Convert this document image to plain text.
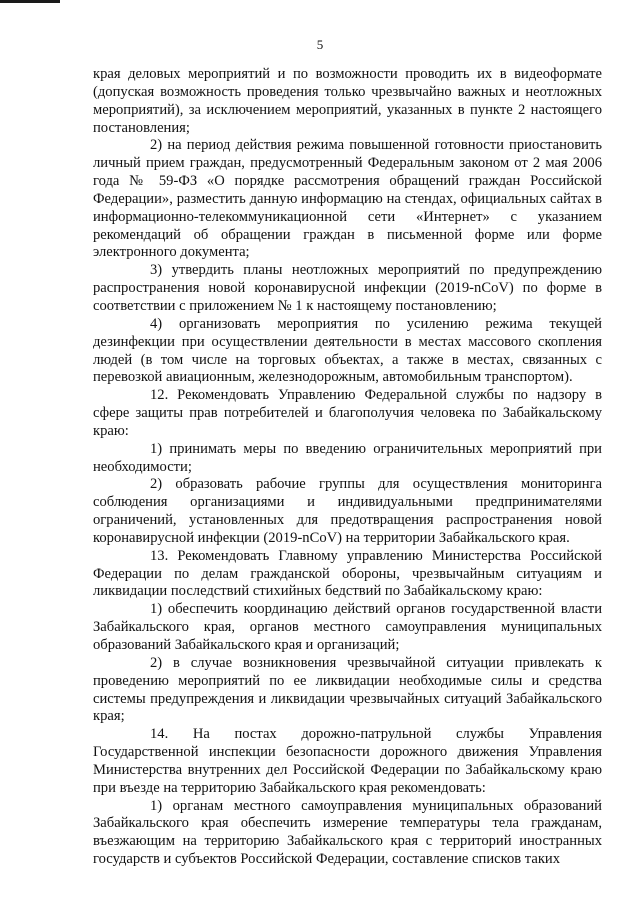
5

края деловых мероприятий и по возможности проводить их в видеоформате (допуская возможность проведения только чрезвычайно важных и неотложных мероприятий), за исключением мероприятий, указанных в пункте 2 настоящего постановления;

2) на период действия режима повышенной готовности приостановить личный прием граждан, предусмотренный Федеральным законом от 2 мая 2006 года № 59-ФЗ «О порядке рассмотрения обращений граждан Российской Федерации», разместить данную информацию на стендах, официальных сайтах в информационно-телекоммуникационной сети «Интернет» с указанием рекомендаций об обращении граждан в письменной форме или форме электронного документа;

3) утвердить планы неотложных мероприятий по предупреждению распространения новой коронавирусной инфекции (2019-nCoV) по форме в соответствии с приложением № 1 к настоящему постановлению;

4) организовать мероприятия по усилению режима текущей дезинфекции при осуществлении деятельности в местах массового скопления людей (в том числе на торговых объектах, а также в местах, связанных с перевозкой авиационным, железнодорожным, автомобильным транспортом).

12. Рекомендовать Управлению Федеральной службы по надзору в сфере защиты прав потребителей и благополучия человека по Забайкальскому краю:

1) принимать меры по введению ограничительных мероприятий при необходимости;

2) образовать рабочие группы для осуществления мониторинга соблюдения организациями и индивидуальными предпринимателями ограничений, установленных для предотвращения распространения новой коронавирусной инфекции (2019-nCoV) на территории Забайкальского края.

13. Рекомендовать Главному управлению Министерства Российской Федерации по делам гражданской обороны, чрезвычайным ситуациям и ликвидации последствий стихийных бедствий по Забайкальскому краю:

1) обеспечить координацию действий органов государственной власти Забайкальского края, органов местного самоуправления муниципальных образований Забайкальского края и организаций;

2) в случае возникновения чрезвычайной ситуации привлекать к проведению мероприятий по ее ликвидации необходимые силы и средства системы предупреждения и ликвидации чрезвычайных ситуаций Забайкальского края;

14. На постах дорожно-патрульной службы Управления Государственной инспекции безопасности дорожного движения Управления Министерства внутренних дел Российской Федерации по Забайкальскому краю при въезде на территорию Забайкальского края рекомендовать:

1) органам местного самоуправления муниципальных образований Забайкальского края обеспечить измерение температуры тела гражданам, въезжающим на территорию Забайкальского края с территорий иностранных государств и субъектов Российской Федерации, составление списков таких
